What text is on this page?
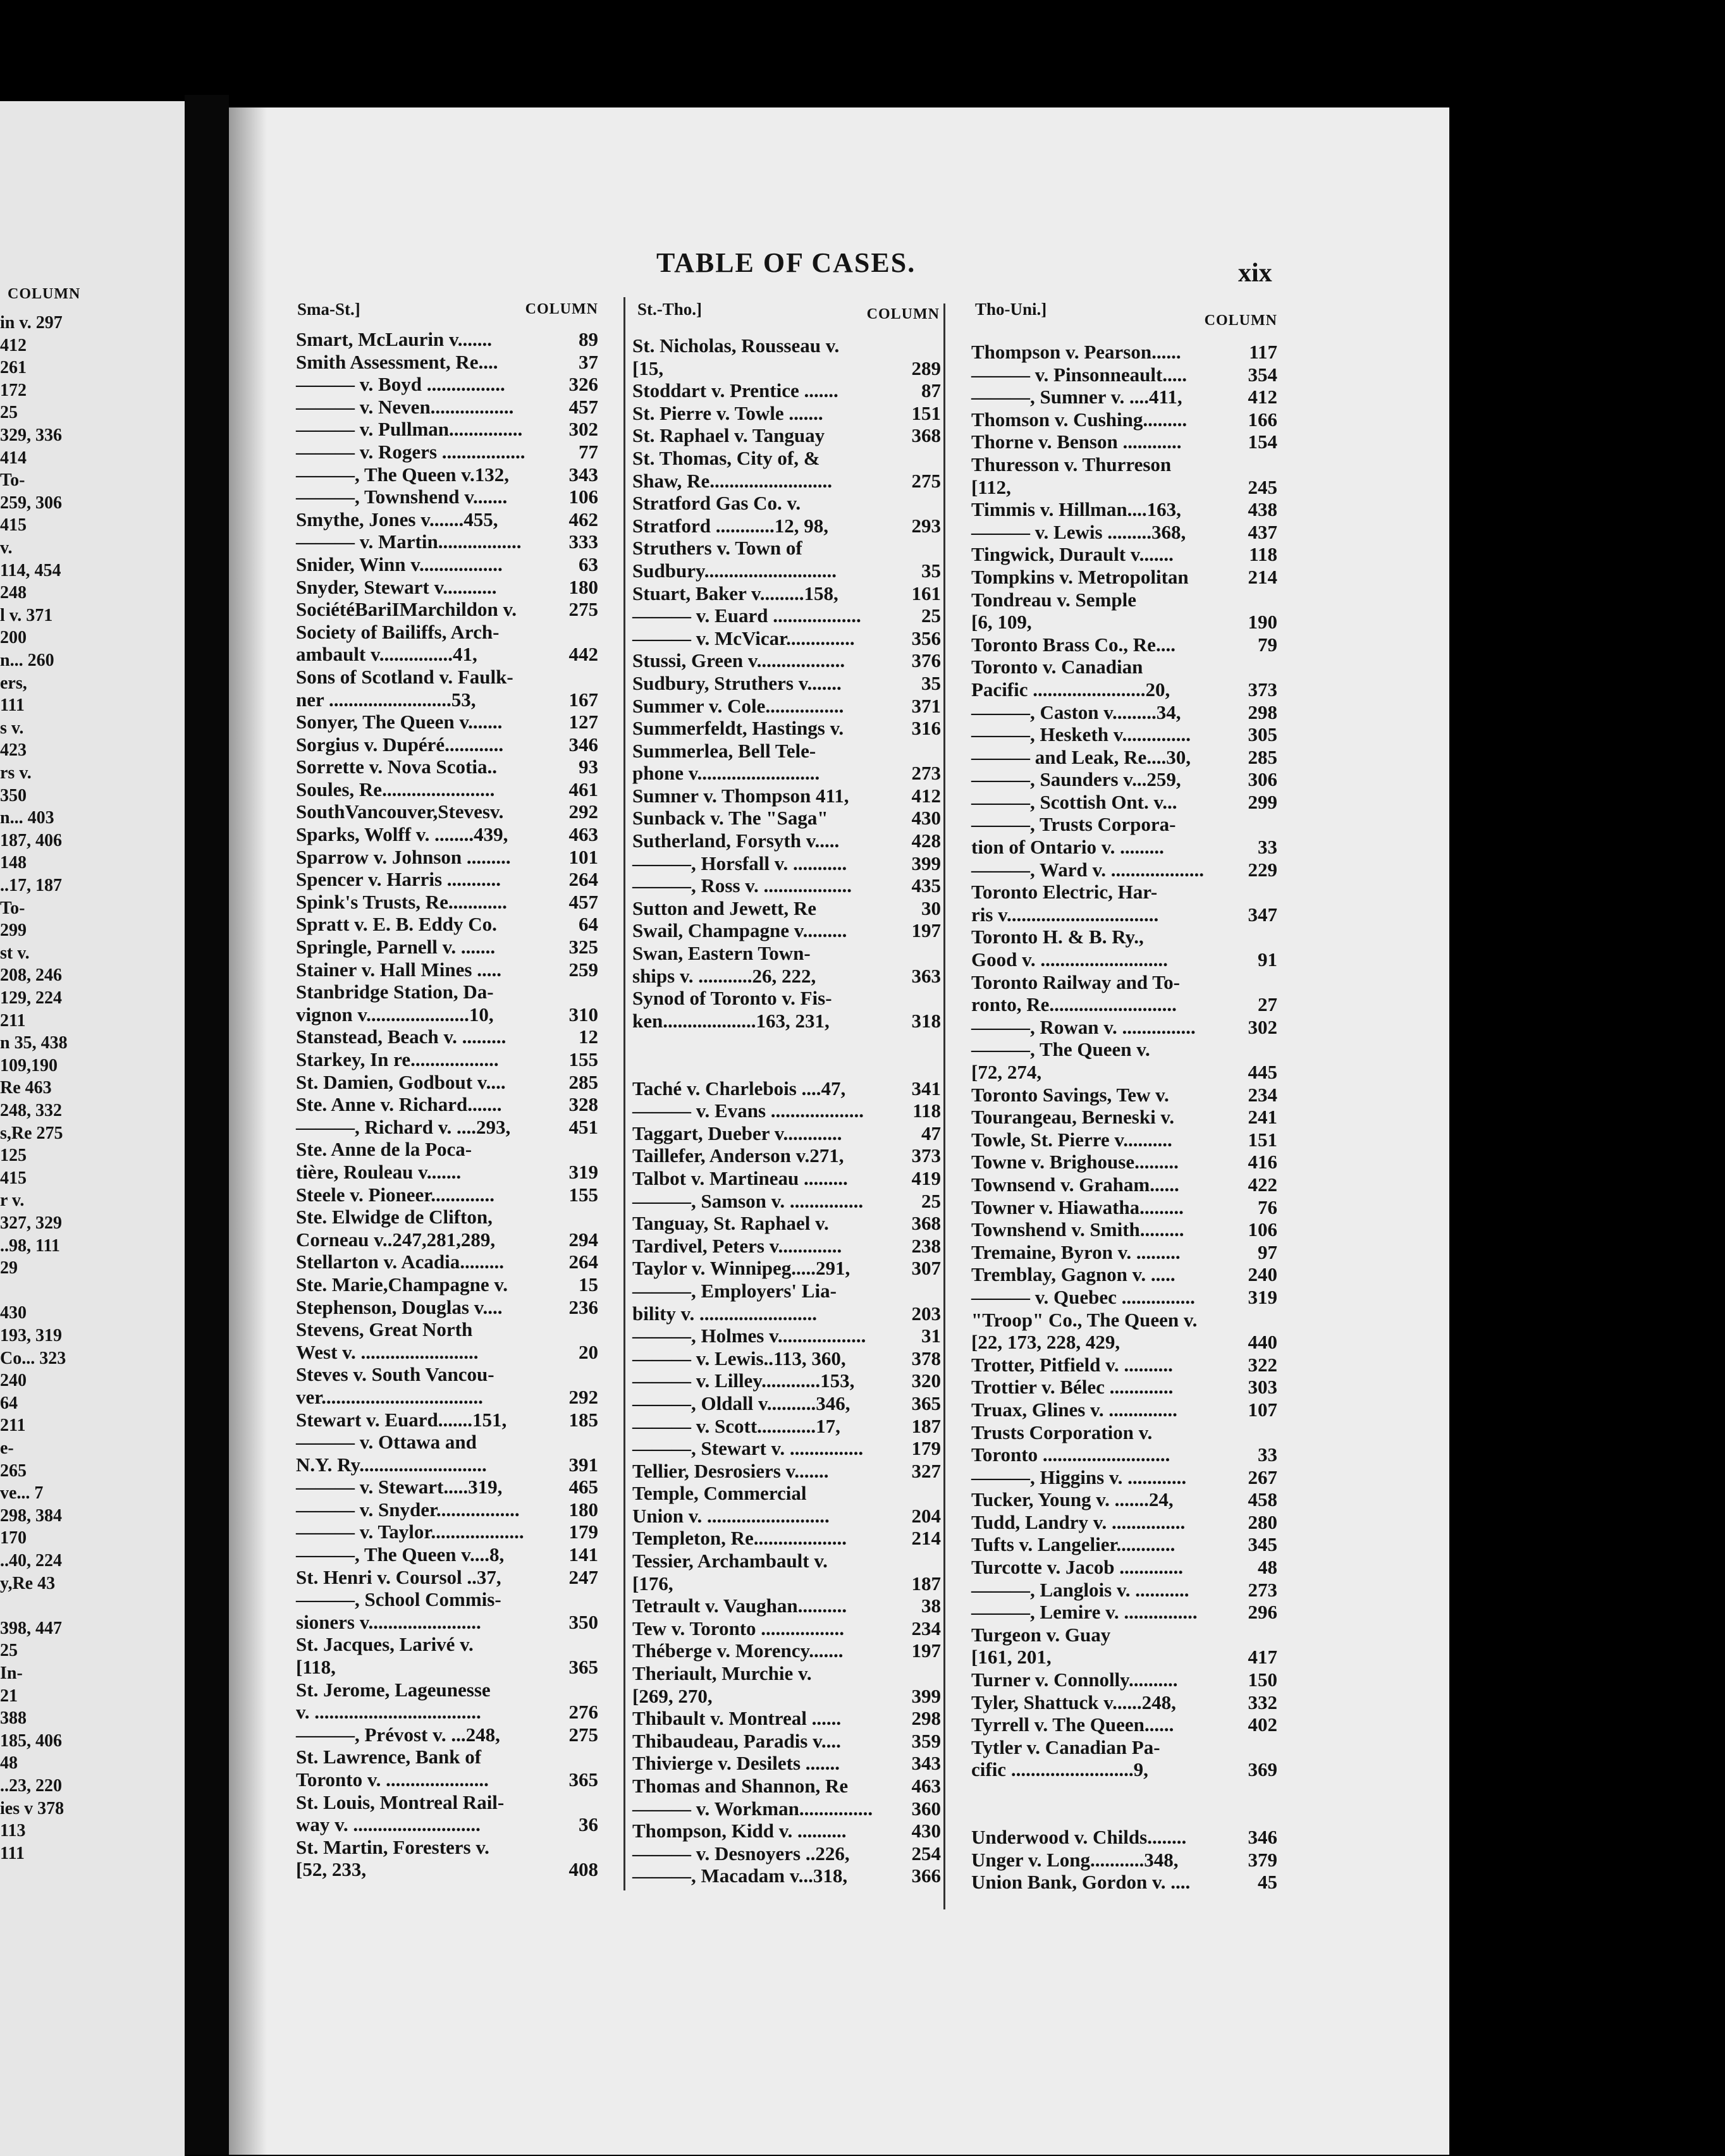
COLUMN
in v. 297
412
261
172
25
329, 336
414
To-
259, 306
415
v.
114, 454
248
l v. 371
200
n... 260
ers,
111
s v.
423
rs v.
350
n... 403
187, 406
148
..17, 187
To-
299
st v.
208, 246
129, 224
211
n 35, 438
109,190
Re 463
248, 332
s,Re 275
125
415
r v.
327, 329
..98, 111
29
430
193, 319
Co... 323
240
64
211
e-
265
ve... 7
298, 384
170
..40, 224
y,Re 43
398, 447
25
In-
21
388
185, 406
48
..23, 220
ies v 378
113
111
TABLE OF CASES.	xix
Sma-St.]	COLUMN St.-Tho.]	COLUMN Tho-Uni.]
COLUMN
Smart, McLaurin v.......	89
Smith Assessment, Re....	37
——— v. Boyd ................	326
——— v. Neven.................	457
——— v. Pullman............... 302
——— v. Rogers .................	77
———, The Queen v.132,	343
———, Townshend v.......	106
Smythe, Jones v.......455,	462
——— v. Martin................. 333
Snider, Winn v.................	63
Snyder, Stewart v...........	180
SociétéBariIMarchildon v.	275
Society of Bailiffs, Arch-
ambault v...............41,	442
Sons of Scotland v. Faulk-
ner .........................53,	167
Sonyer, The Queen v.......	127
Sorgius v. Dupéré............	346
Sorrette v. Nova Scotia..	93
Soules, Re.......................	461
SouthVancouver,Stevesv.	292
Sparks, Wolff v. ........439,	463
Sparrow v. Johnson .........	101
Spencer v. Harris ...........	264
Spink's Trusts, Re............	457
Spratt v. E. B. Eddy Co.	64
Springle, Parnell v. .......	325
Stainer v. Hall Mines .....	259
Stanbridge Station, Da-
vignon v.....................10,	310
Stanstead, Beach v. .........	12
Starkey, In re..................	155
St. Damien, Godbout v....	285
Ste. Anne v. Richard.......	328
———, Richard v. ....293,	451
Ste. Anne de la Poca-
tière, Rouleau v.......	319
Steele v. Pioneer.............	155
Ste. Elwidge de Clifton,
Corneau v..247,281,289,	294
Stellarton v. Acadia.........	264
Ste. Marie,Champagne v.	15
Stephenson, Douglas v....	236
Stevens, Great North
West v. ........................	20
Steves v. South Vancou-
ver.................................	292
Stewart v. Euard.......151,	185
——— v. Ottawa and
N.Y. Ry..........................	391
——— v. Stewart.....319,	465
——— v. Snyder.................	180
——— v. Taylor................... 179
———, The Queen v....8,	141
St. Henri v. Coursol ..37,	247
———, School Commis-
sioners v.......................	350
St. Jacques, Larivé v.
[118,	365
St. Jerome, Lageunesse
v. ..................................	276
———, Prévost v. ...248,	275
St. Lawrence, Bank of
Toronto v. .....................	365
St. Louis, Montreal Rail-
way v. ..........................	36
St. Martin, Foresters v.
[52, 233,	408
St. Nicholas, Rousseau v.
[15,	289
Stoddart v. Prentice .......	87
St. Pierre v. Towle .......	151
St. Raphael v. Tanguay	368
St. Thomas, City of, &
Shaw, Re.........................	275
Stratford Gas Co. v.
Stratford ............12, 98,	293
Struthers v. Town of
Sudbury...........................	35
Stuart, Baker v.........158,	161
——— v. Euard ..................	25
——— v. McVicar..............	356
Stussi, Green v..................	376
Sudbury, Struthers v.......	35
Summer v. Cole................	371
Summerfeldt, Hastings v.	316
Summerlea, Bell Tele-
phone v.........................	273
Sumner v. Thompson 411,	412
Sunback v. The "Saga"	430
Sutherland, Forsyth v.....	428
———, Horsfall v. ...........	399
———, Ross v. ..................	435
Sutton and Jewett, Re	30
Swail, Champagne v.........	197
Swan, Eastern Town-
ships v. ...........26, 222,	363
Synod of Toronto v. Fis-
ken...................163, 231,	318
Taché v. Charlebois ....47,	341
——— v. Evans ................... 118
Taggart, Dueber v............	47
Taillefer, Anderson v.271,	373
Talbot v. Martineau .........	419
———, Samson v. ...............	25
Tanguay, St. Raphael v.	368
Tardivel, Peters v.............	238
Taylor v. Winnipeg.....291,	307
———, Employers' Lia-
bility v. ........................	203
———, Holmes v..................	31
——— v. Lewis..113, 360,	378
——— v. Lilley............153,	320
———, Oldall v..........346,	365
——— v. Scott............17,	187
———, Stewart v. ............... 179
Tellier, Desrosiers v.......	327
Temple, Commercial
Union v. .........................	204
Templeton, Re...................	214
Tessier, Archambault v.
[176,	187
Tetrault v. Vaughan..........	38
Tew v. Toronto .................	234
Théberge v. Morency.......	197
Theriault, Murchie v.
[269, 270,	399
Thibault v. Montreal ......	298
Thibaudeau, Paradis v....	359
Thivierge v. Desilets .......	343
Thomas and Shannon, Re	463
——— v. Workman............... 360
Thompson, Kidd v. ..........	430
——— v. Desnoyers ..226,	254
———, Macadam v...318,	366
Thompson v. Pearson......	117
——— v. Pinsonneault.....	354
———, Sumner v. ....411,	412
Thomson v. Cushing.........	166
Thorne v. Benson ............	154
Thuresson v. Thurreson
[112,	245
Timmis v. Hillman....163,	438
——— v. Lewis .........368,	437
Tingwick, Durault v.......	118
Tompkins v. Metropolitan	214
Tondreau v. Semple
[6, 109,	190
Toronto Brass Co., Re....	79
Toronto v. Canadian
Pacific .......................20,	373
———, Caston v.........34,	298
———, Hesketh v..............	305
——— and Leak, Re....30,	285
———, Saunders v...259,	306
———, Scottish Ont. v...	299
———, Trusts Corpora-
tion of Ontario v. .........	33
———, Ward v. ................... 229
Toronto Electric, Har-
ris v...............................	347
Toronto H. & B. Ry.,
Good v. ..........................	91
Toronto Railway and To-
ronto, Re..........................	27
———, Rowan v. ...............	302
———, The Queen v.
[72, 274,	445
Toronto Savings, Tew v.	234
Tourangeau, Berneski v.	241
Towle, St. Pierre v..........	151
Towne v. Brighouse.........	416
Townsend v. Graham......	422
Towner v. Hiawatha.........	76
Townshend v. Smith.........	106
Tremaine, Byron v. .........	97
Tremblay, Gagnon v. .....	240
——— v. Quebec ...............	319
"Troop" Co., The Queen v.
[22, 173, 228, 429,	440
Trotter, Pitfield v. ..........	322
Trottier v. Bélec .............	303
Truax, Glines v. ..............	107
Trusts Corporation v.
Toronto ..........................	33
———, Higgins v. ............	267
Tucker, Young v. .......24,	458
Tudd, Landry v. ...............	280
Tufts v. Langelier............	345
Turcotte v. Jacob .............	48
———, Langlois v. ...........	273
———, Lemire v. ...............	296
Turgeon v. Guay
[161, 201,	417
Turner v. Connolly..........	150
Tyler, Shattuck v......248,	332
Tyrrell v. The Queen......	402
Tytler v. Canadian Pa-
cific .........................9,	369
Underwood v. Childs........	346
Unger v. Long...........348,	379
Union Bank, Gordon v. ....	45
